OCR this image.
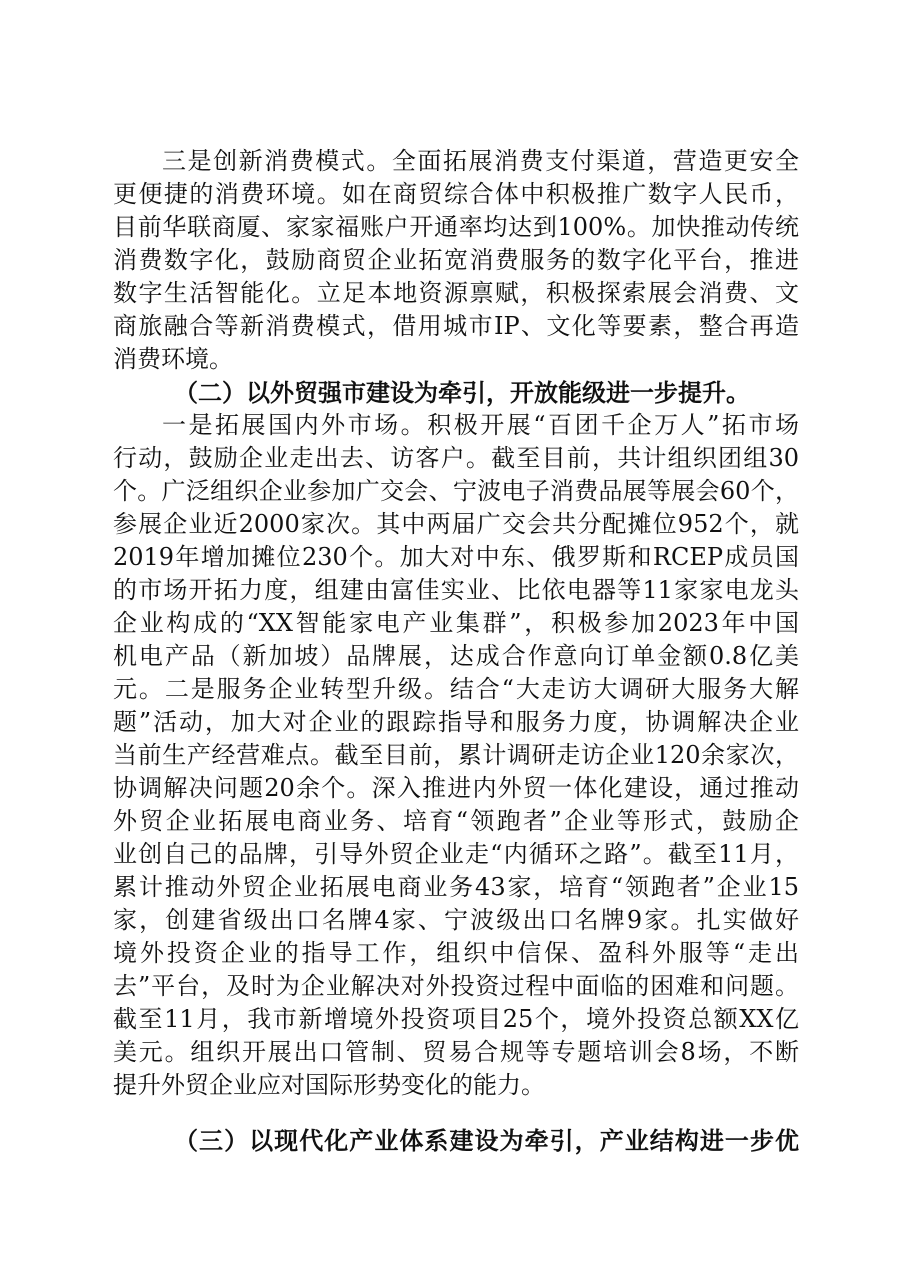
三是创新消费模式。全面拓展消费支付渠道，营造更安全
更便捷的消费环境。如在商贸综合体中积极推广数字人民币，
目前华联商厦、家家福账户开通率均达到100%。加快推动传统
消费数字化，鼓励商贸企业拓宽消费服务的数字化平台，推进
数字生活智能化。立足本地资源禀赋，积极探索展会消费、文
商旅融合等新消费模式，借用城市IP、文化等要素，整合再造
消费环境。
（二）以外贸强市建设为牵引，开放能级进一步提升。
一是拓展国内外市场。积极开展“百团千企万人”拓市场
行动，鼓励企业走出去、访客户。截至目前，共计组织团组30
个。广泛组织企业参加广交会、宁波电子消费品展等展会60个，
参展企业近2000家次。其中两届广交会共分配摊位952个，就
2019年增加摊位230个。加大对中东、俄罗斯和RCEP成员国
的市场开拓力度，组建由富佳实业、比依电器等11家家电龙头
企业构成的“XX智能家电产业集群”，积极参加2023年中国
机电产品（新加坡）品牌展，达成合作意向订单金额0.8亿美
元。二是服务企业转型升级。结合“大走访大调研大服务大解
题”活动，加大对企业的跟踪指导和服务力度，协调解决企业
当前生产经营难点。截至目前，累计调研走访企业120余家次，
协调解决问题20余个。深入推进内外贸一体化建设，通过推动
外贸企业拓展电商业务、培育“领跑者”企业等形式，鼓励企
业创自己的品牌，引导外贸企业走“内循环之路”。截至11月，
累计推动外贸企业拓展电商业务43家，培育“领跑者”企业15
家，创建省级出口名牌4家、宁波级出口名牌9家。扎实做好
境外投资企业的指导工作，组织中信保、盈科外服等“走出
去”平台，及时为企业解决对外投资过程中面临的困难和问题。
截至11月，我市新增境外投资项目25个，境外投资总额XX亿
美元。组织开展出口管制、贸易合规等专题培训会8场，不断
提升外贸企业应对国际形势变化的能力。
（三）以现代化产业体系建设为牵引，产业结构进一步优
